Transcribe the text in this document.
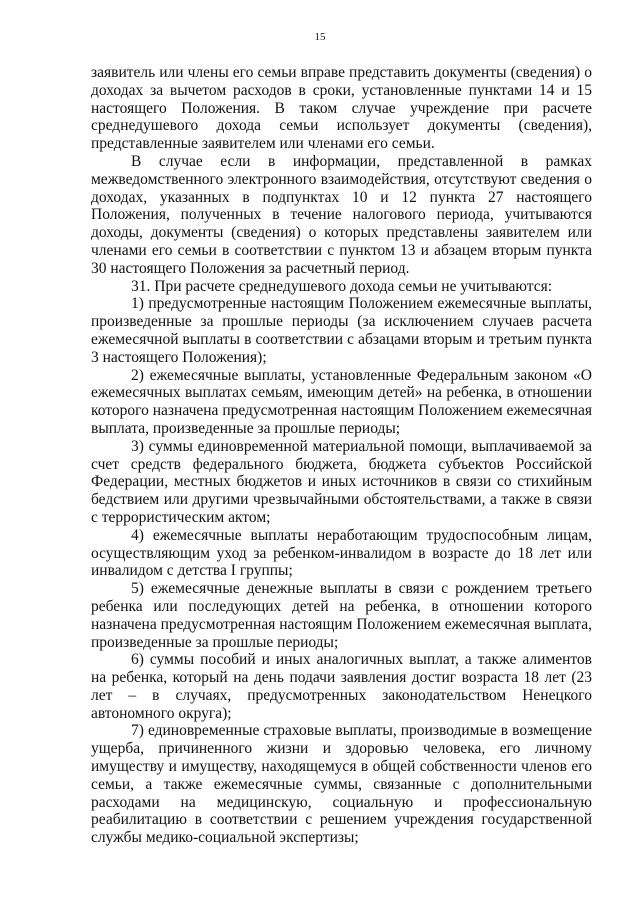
15

заявитель или члены его семьи вправе представить документы (сведения) о доходах за вычетом расходов в сроки, установленные пунктами 14 и 15 настоящего Положения. В таком случае учреждение при расчете среднедушевого дохода семьи использует документы (сведения), представленные заявителем или членами его семьи.

В случае если в информации, представленной в рамках межведомственного электронного взаимодействия, отсутствуют сведения о доходах, указанных в подпунктах 10 и 12 пункта 27 настоящего Положения, полученных в течение налогового периода, учитываются доходы, документы (сведения) о которых представлены заявителем или членами его семьи в соответствии с пунктом 13 и абзацем вторым пункта 30 настоящего Положения за расчетный период.

31. При расчете среднедушевого дохода семьи не учитываются:

1) предусмотренные настоящим Положением ежемесячные выплаты, произведенные за прошлые периоды (за исключением случаев расчета ежемесячной выплаты в соответствии с абзацами вторым и третьим пункта 3 настоящего Положения);

2) ежемесячные выплаты, установленные Федеральным законом «О ежемесячных выплатах семьям, имеющим детей» на ребенка, в отношении которого назначена предусмотренная настоящим Положением ежемесячная выплата, произведенные за прошлые периоды;

3) суммы единовременной материальной помощи, выплачиваемой за счет средств федерального бюджета, бюджета субъектов Российской Федерации, местных бюджетов и иных источников в связи со стихийным бедствием или другими чрезвычайными обстоятельствами, а также в связи с террористическим актом;

4) ежемесячные выплаты неработающим трудоспособным лицам, осуществляющим уход за ребенком-инвалидом в возрасте до 18 лет или инвалидом с детства I группы;

5) ежемесячные денежные выплаты в связи с рождением третьего ребенка или последующих детей на ребенка, в отношении которого назначена предусмотренная настоящим Положением ежемесячная выплата, произведенные за прошлые периоды;

6) суммы пособий и иных аналогичных выплат, а также алиментов на ребенка, который на день подачи заявления достиг возраста 18 лет (23 лет – в случаях, предусмотренных законодательством Ненецкого автономного округа);

7) единовременные страховые выплаты, производимые в возмещение ущерба, причиненного жизни и здоровью человека, его личному имуществу и имуществу, находящемуся в общей собственности членов его семьи, а также ежемесячные суммы, связанные с дополнительными расходами на медицинскую, социальную и профессиональную реабилитацию в соответствии с решением учреждения государственной службы медико-социальной экспертизы;
